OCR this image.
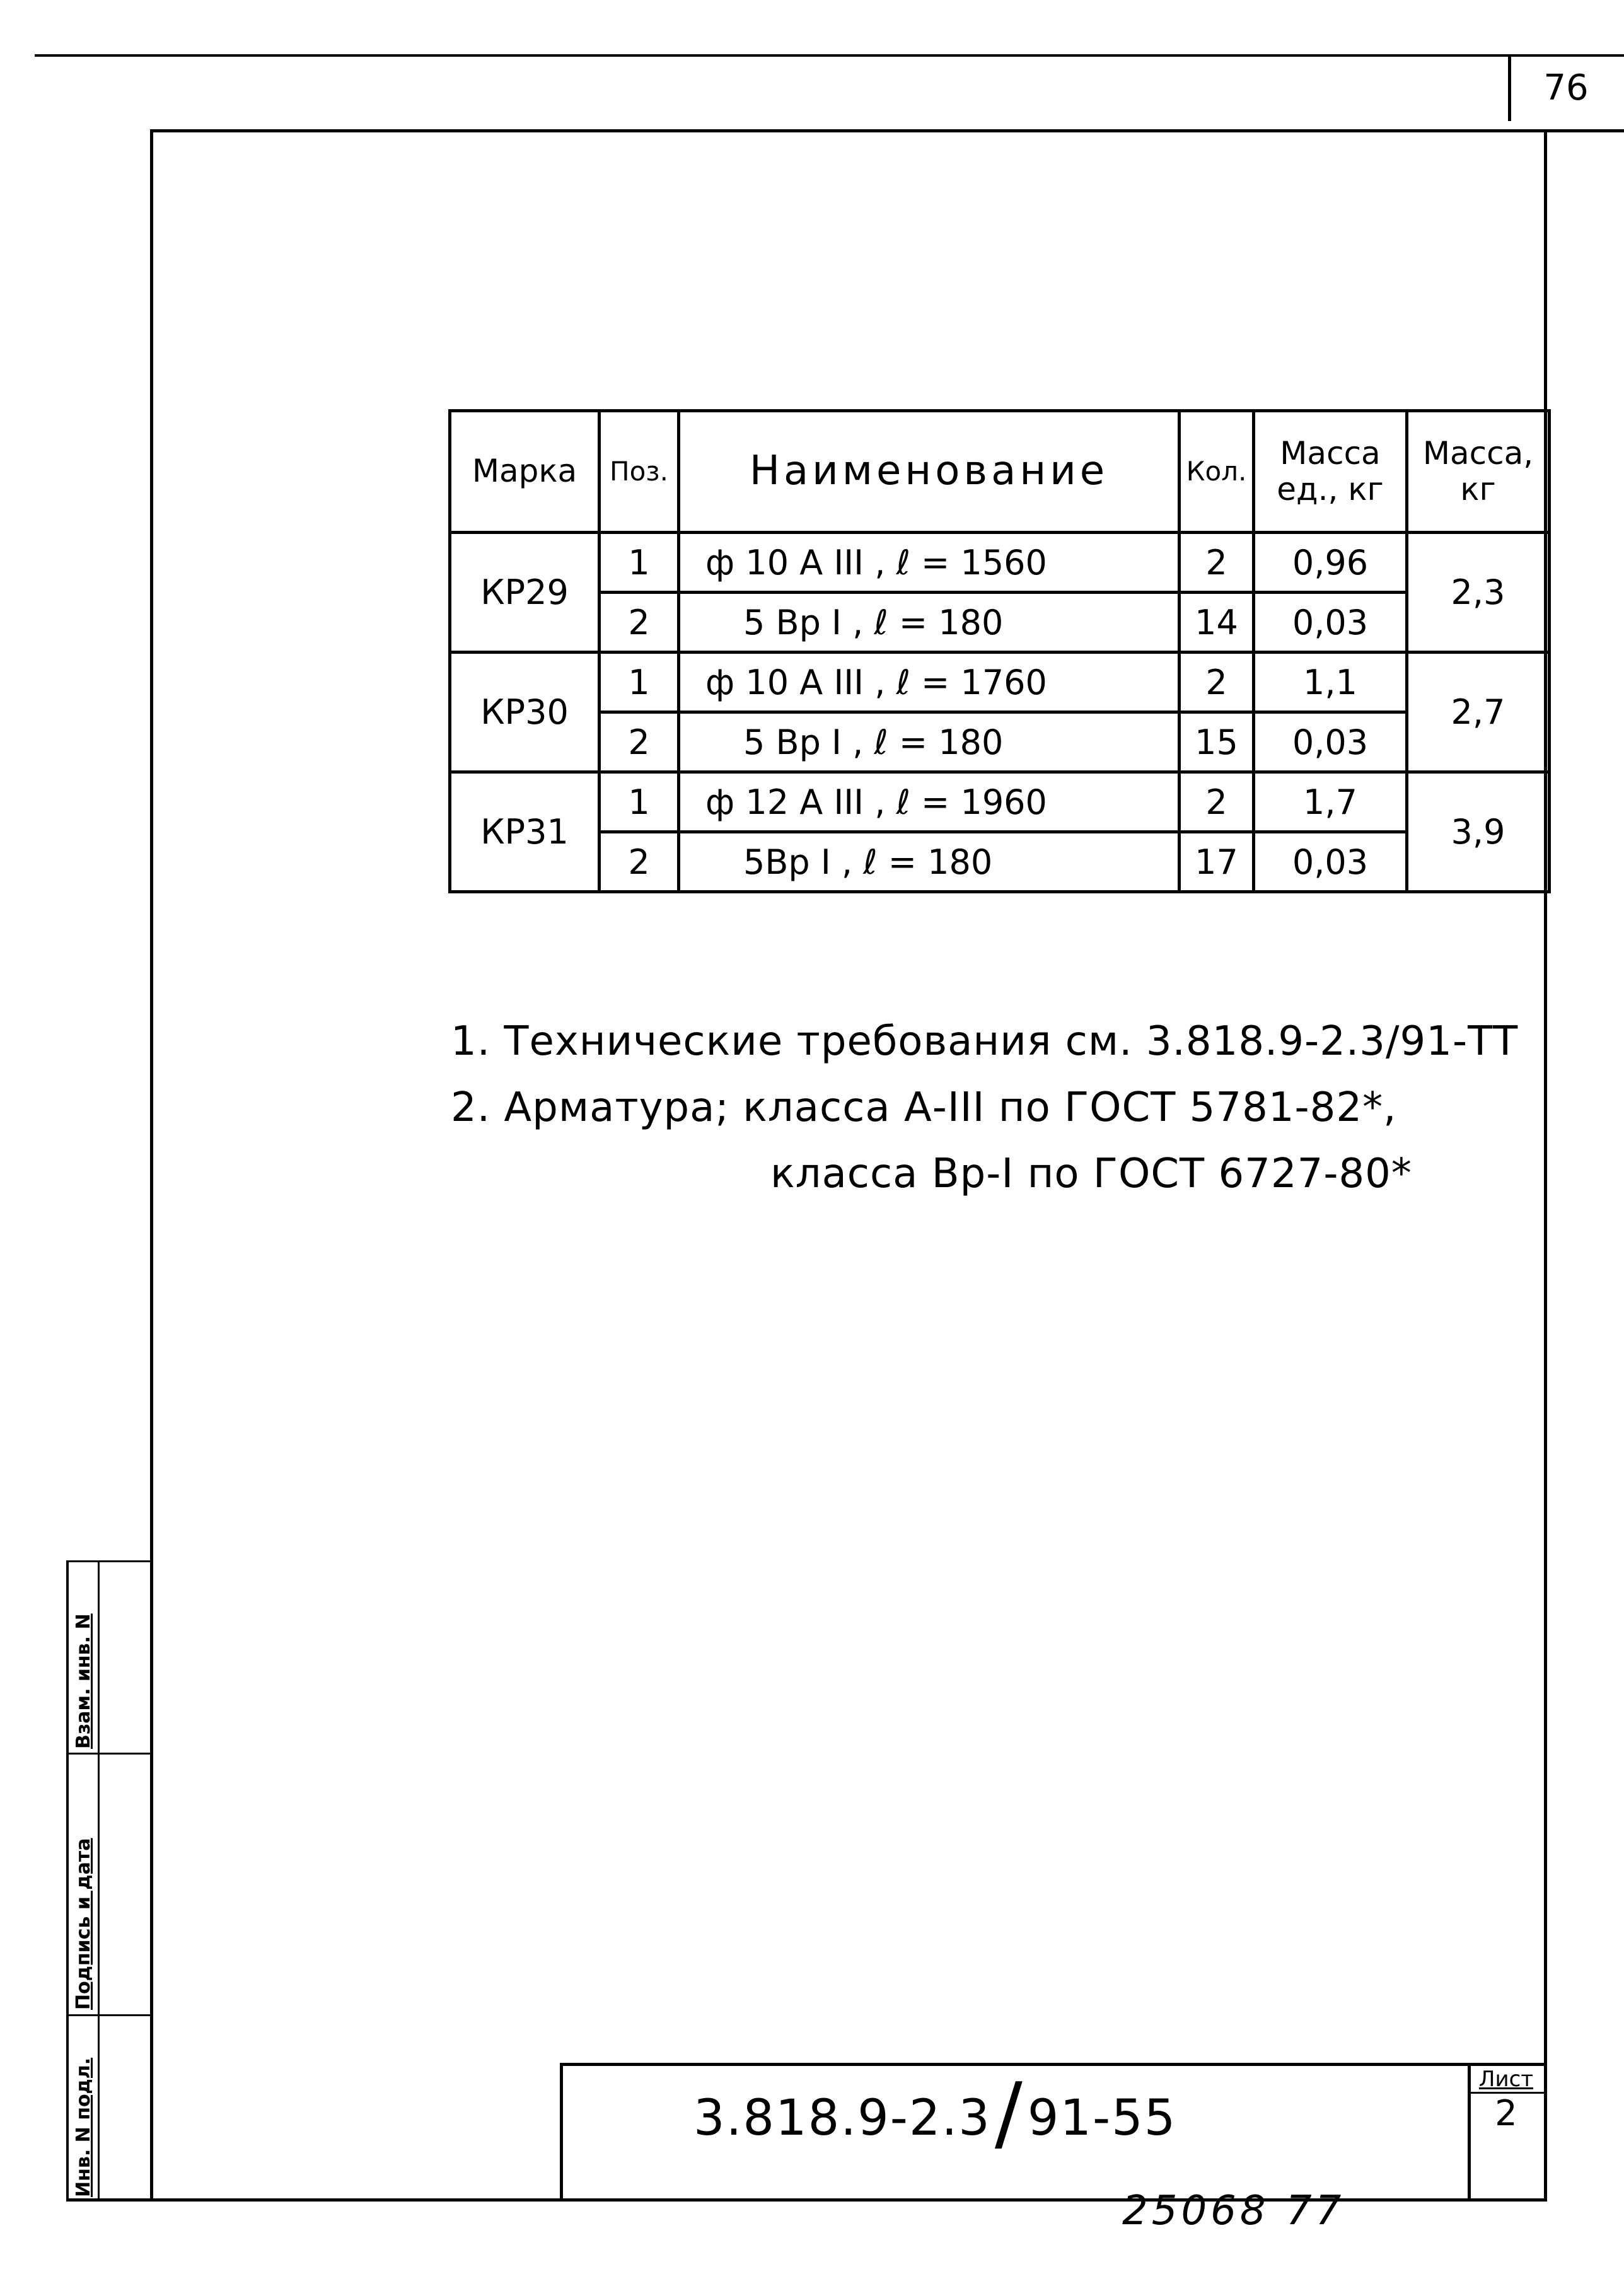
76
Инв. N подл.
Подпись и дата
Взам. инв. N
Марка	Поз.	Наименование	Кол.	Масса ед., кг	Масса, кг
КР29	1	ф 10 A III , ℓ = 1560	2	0,96	2,3
	2	5 Вр I , ℓ = 180	14	0,03	
КР30	1	ф 10 A III , ℓ = 1760	2	1,1	2,7
	2	5 Вр I , ℓ = 180	15	0,03	
КР31	1	ф 12 A III , ℓ = 1960	2	1,7	3,9
	2	5Вр I , ℓ = 180	17	0,03	
1. Технические требования см. 3.818.9-2.3/91-ТТ
2. Арматура; класса А-III по ГОСТ 5781-82*,
класса Вр-I по ГОСТ 6727-80*
3.818.9-2.3/91-55
Лист
2
25068 77
